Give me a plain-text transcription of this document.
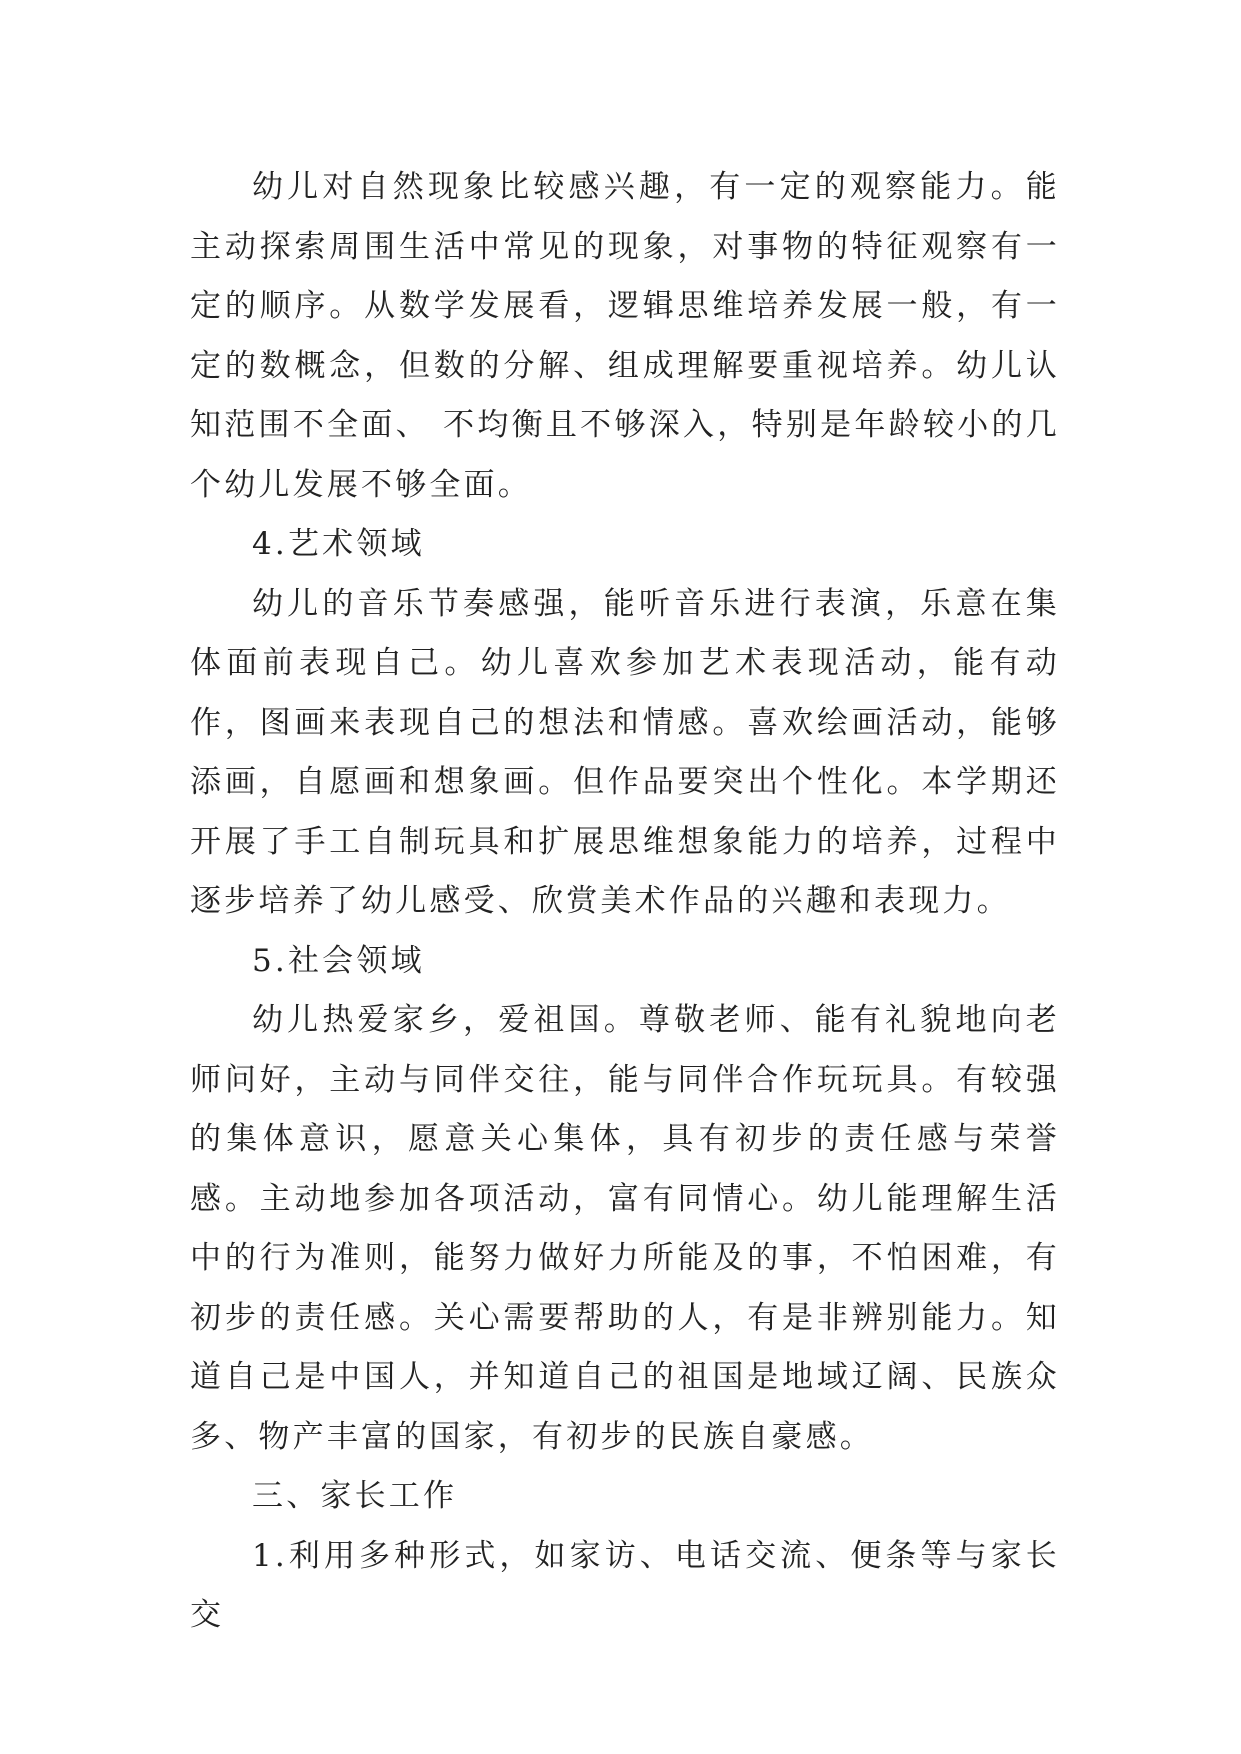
幼儿对自然现象比较感兴趣，有一定的观察能力。能主动探索周围生活中常见的现象，对事物的特征观察有一定的顺序。从数学发展看，逻辑思维培养发展一般，有一定的数概念，但数的分解、组成理解要重视培养。幼儿认知范围不全面、 不均衡且不够深入，特别是年龄较小的几个幼儿发展不够全面。

4.艺术领域

幼儿的音乐节奏感强，能听音乐进行表演，乐意在集体面前表现自己。幼儿喜欢参加艺术表现活动，能有动作，图画来表现自己的想法和情感。喜欢绘画活动，能够添画，自愿画和想象画。但作品要突出个性化。本学期还开展了手工自制玩具和扩展思维想象能力的培养，过程中逐步培养了幼儿感受、欣赏美术作品的兴趣和表现力。

5.社会领域

幼儿热爱家乡，爱祖国。尊敬老师、能有礼貌地向老师问好，主动与同伴交往，能与同伴合作玩玩具。有较强的集体意识，愿意关心集体，具有初步的责任感与荣誉感。主动地参加各项活动，富有同情心。幼儿能理解生活中的行为准则，能努力做好力所能及的事，不怕困难，有初步的责任感。关心需要帮助的人，有是非辨别能力。知道自己是中国人，并知道自己的祖国是地域辽阔、民族众多、物产丰富的国家，有初步的民族自豪感。

三、家长工作

1.利用多种形式，如家访、电话交流、便条等与家长交
